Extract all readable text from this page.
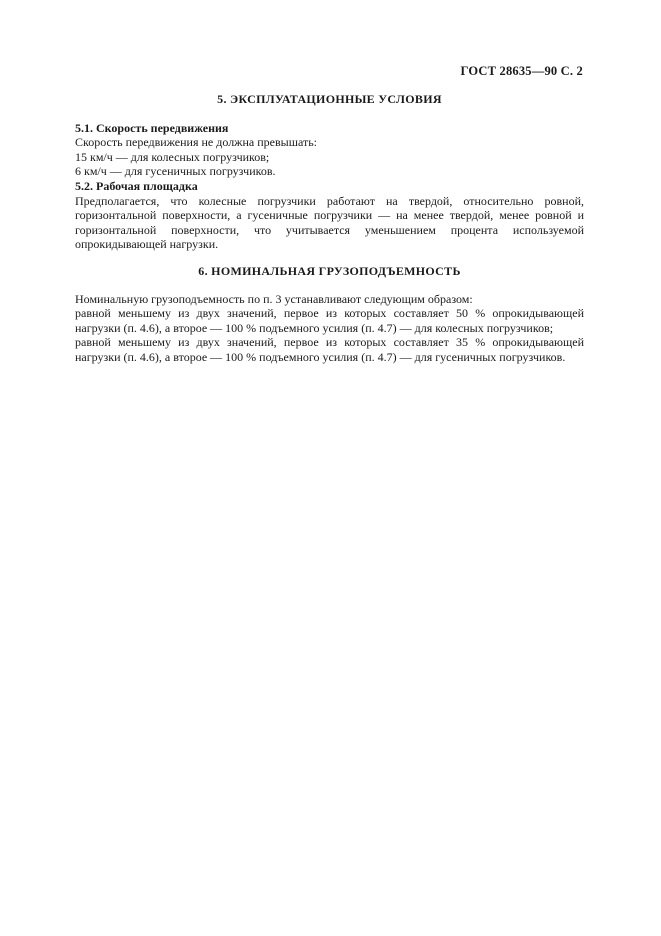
ГОСТ 28635—90 С. 2
5. ЭКСПЛУАТАЦИОННЫЕ УСЛОВИЯ

5.1. Скорость передвижения

Скорость передвижения не должна превышать:

15 км/ч — для колесных погрузчиков;

6 км/ч — для гусеничных погрузчиков.

5.2. Рабочая площадка

Предполагается, что колесные погрузчики работают на твердой, относительно ровной, горизонтальной поверхности, а гусеничные погрузчики — на менее твердой, менее ровной и горизонтальной поверхности, что учитывается уменьшением процента используемой опрокидывающей нагрузки.

6. НОМИНАЛЬНАЯ ГРУЗОПОДЪЕМНОСТЬ

Номинальную грузоподъемность по п. 3 устанавливают следующим образом:

равной меньшему из двух значений, первое из которых составляет 50 % опрокидывающей нагрузки (п. 4.6), а второе — 100 % подъемного усилия (п. 4.7) — для колесных погрузчиков;

равной меньшему из двух значений, первое из которых составляет 35 % опрокидывающей нагрузки (п. 4.6), а второе — 100 % подъемного усилия (п. 4.7) — для гусеничных погрузчиков.
